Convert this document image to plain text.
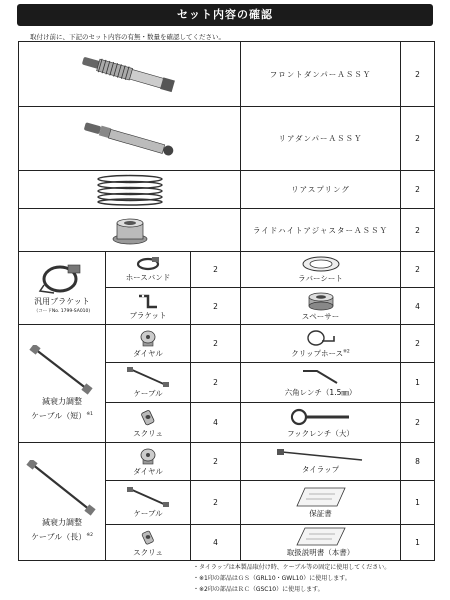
セット内容の確認
取付け前に、下記のセット内容の有無・数量を確認してください。
	フロントダンパーＡＳＳＹ	2

	リアダンパーＡＳＳＹ	2

	リアスプリング	2

	ライドハイトアジャスターＡＳＳＹ	2

汎用ブラケット
（コードNo. 1799-SA010)	ホースバンド	2	ラバーシート	2

	ブラケット	2	スペーサー	4

減衰力調整
ケーブル（短）$^{※1}$	ダイヤル	2	クリップホース$^{※2}$	2

	ケーブル	2	六角レンチ（1.5㎜）	1

	スクリュ	4	フックレンチ（大）	2

減衰力調整
ケーブル（長）$^{※2}$	ダイヤル	2	タイラップ	8

	ケーブル	2	保証書	1

	スクリュ	4	取扱説明書（本書）	1
・タイラップは本製品取付け時、ケーブル等の固定に使用してください。
・※1印の部品はＧＳ（GRL10・GWL10）に使用します。
・※2印の部品はＲＣ（GSC10）に使用します。
